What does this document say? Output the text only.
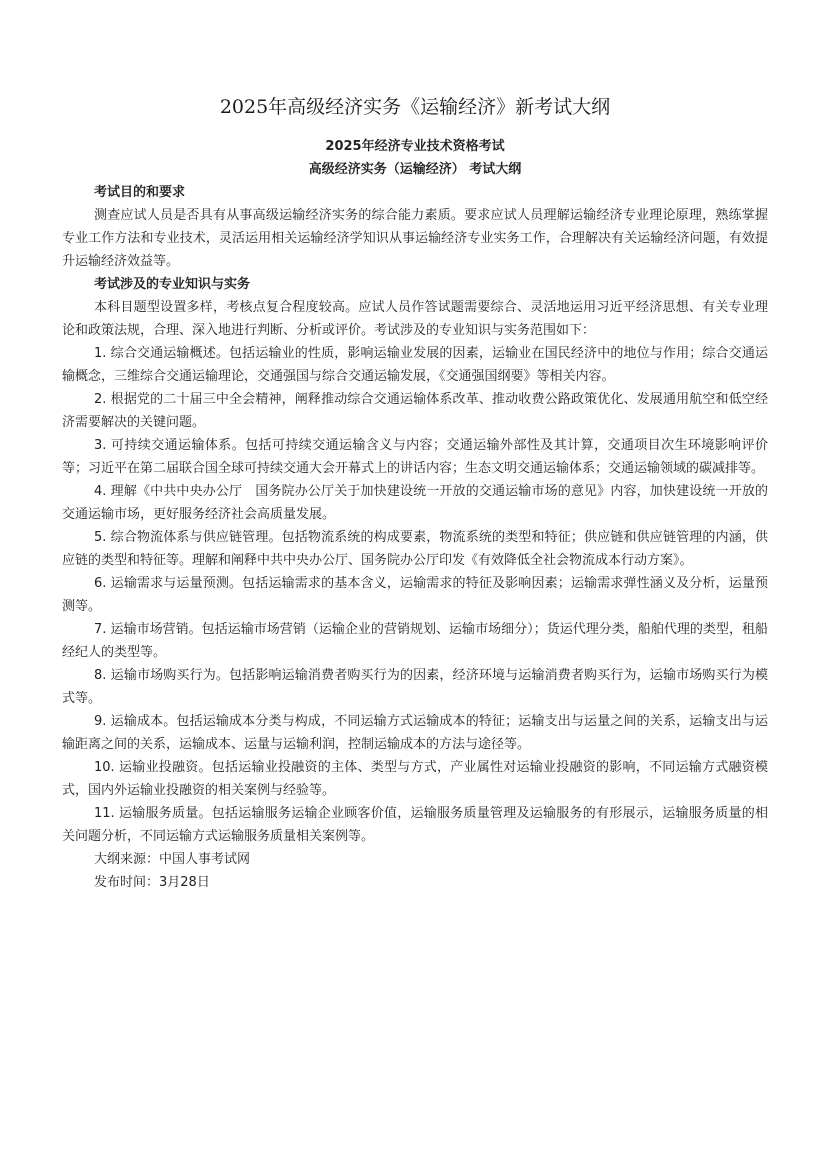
2025年高级经济实务《运输经济》新考试大纲

2025年经济专业技术资格考试

高级经济实务（运输经济） 考试大纲

考试目的和要求

测查应试人员是否具有从事高级运输经济实务的综合能力素质。要求应试人员理解运输经济专业理论原理，熟练掌握专业工作方法和专业技术，灵活运用相关运输经济学知识从事运输经济专业实务工作，合理解决有关运输经济问题，有效提升运输经济效益等。

考试涉及的专业知识与实务

本科目题型设置多样，考核点复合程度较高。应试人员作答试题需要综合、灵活地运用习近平经济思想、有关专业理论和政策法规，合理、深入地进行判断、分析或评价。考试涉及的专业知识与实务范围如下：

1. 综合交通运输概述。包括运输业的性质，影响运输业发展的因素，运输业在国民经济中的地位与作用；综合交通运输概念，三维综合交通运输理论，交通强国与综合交通运输发展，《交通强国纲要》等相关内容。

2. 根据党的二十届三中全会精神，阐释推动综合交通运输体系改革、推动收费公路政策优化、发展通用航空和低空经济需要解决的关键问题。

3. 可持续交通运输体系。包括可持续交通运输含义与内容；交通运输外部性及其计算，交通项目次生环境影响评价等；习近平在第二届联合国全球可持续交通大会开幕式上的讲话内容；生态文明交通运输体系；交通运输领域的碳减排等。

4. 理解《中共中央办公厅　国务院办公厅关于加快建设统一开放的交通运输市场的意见》内容，加快建设统一开放的交通运输市场，更好服务经济社会高质量发展。

5. 综合物流体系与供应链管理。包括物流系统的构成要素，物流系统的类型和特征；供应链和供应链管理的内涵，供应链的类型和特征等。理解和阐释中共中央办公厅、国务院办公厅印发《有效降低全社会物流成本行动方案》。

6. 运输需求与运量预测。包括运输需求的基本含义，运输需求的特征及影响因素；运输需求弹性涵义及分析，运量预测等。

7. 运输市场营销。包括运输市场营销（运输企业的营销规划、运输市场细分）；货运代理分类，船舶代理的类型，租船经纪人的类型等。

8. 运输市场购买行为。包括影响运输消费者购买行为的因素，经济环境与运输消费者购买行为，运输市场购买行为模式等。

9. 运输成本。包括运输成本分类与构成，不同运输方式运输成本的特征；运输支出与运量之间的关系，运输支出与运输距离之间的关系，运输成本、运量与运输利润，控制运输成本的方法与途径等。

10. 运输业投融资。包括运输业投融资的主体、类型与方式，产业属性对运输业投融资的影响，不同运输方式融资模式，国内外运输业投融资的相关案例与经验等。

11. 运输服务质量。包括运输服务运输企业顾客价值，运输服务质量管理及运输服务的有形展示，运输服务质量的相关问题分析，不同运输方式运输服务质量相关案例等。

大纲来源：中国人事考试网

发布时间：3月28日
